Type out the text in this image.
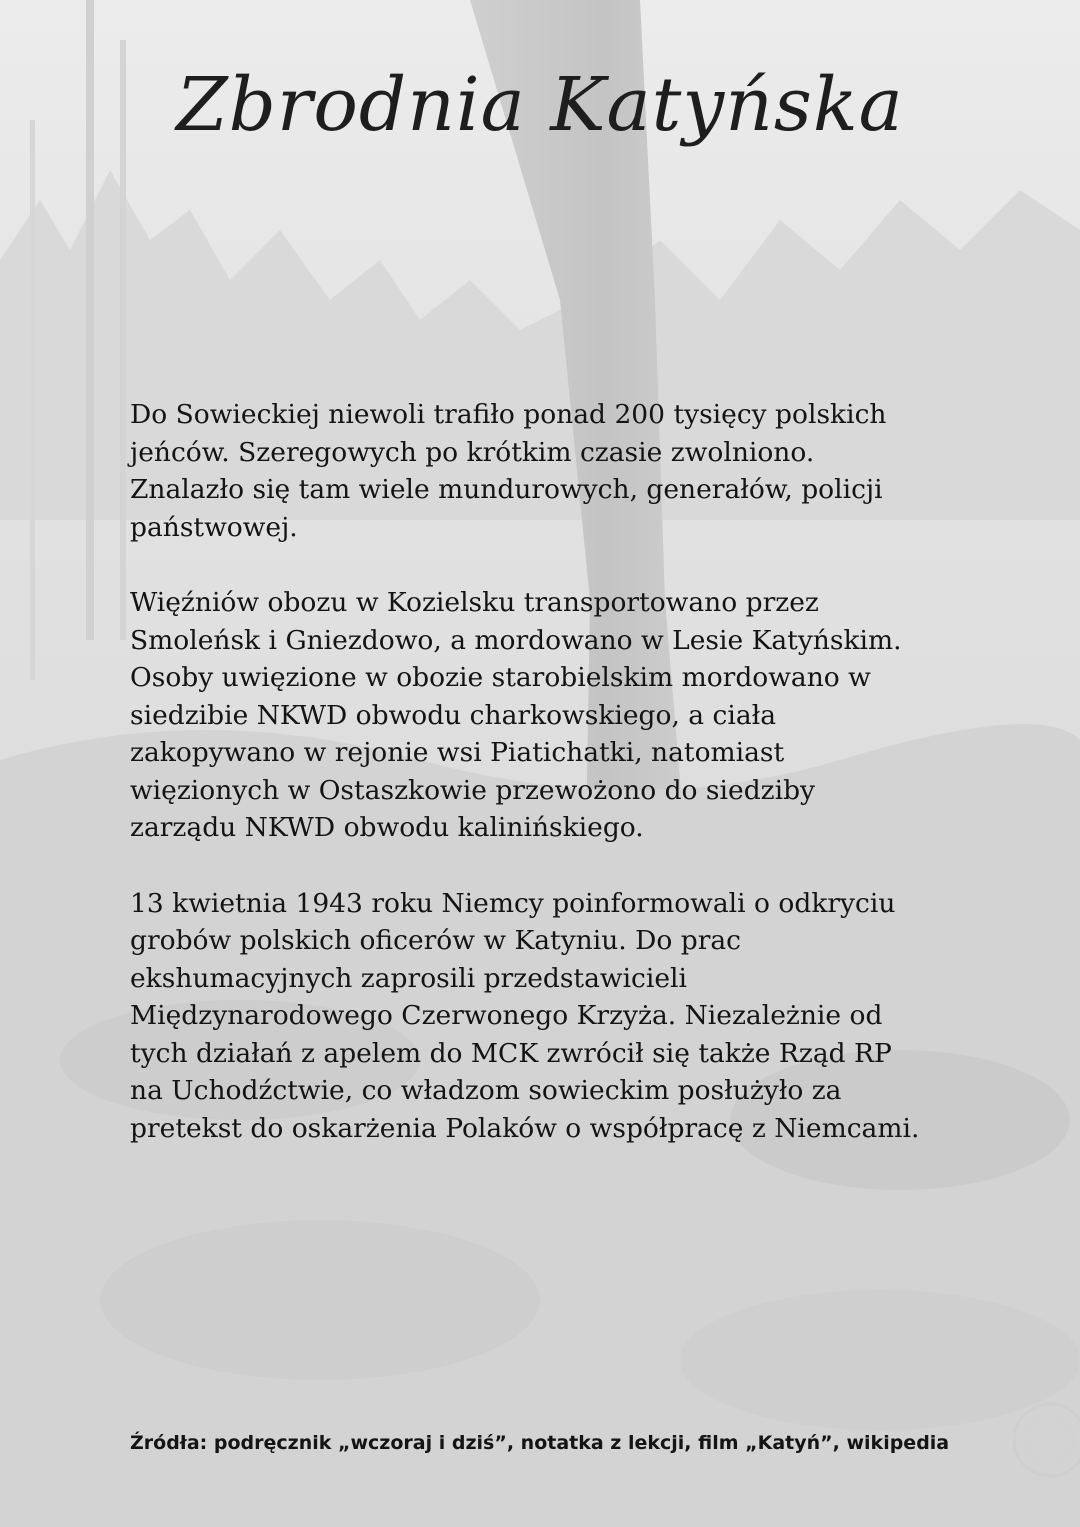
Zbrodnia Katyńska

Do Sowieckiej niewoli trafiło ponad 200 tysięcy polskich
jeńców. Szeregowych po krótkim czasie zwolniono.
Znalazło się tam wiele mundurowych, generałów, policji
państwowej.

Więźniów obozu w Kozielsku transportowano przez
Smoleńsk i Gniezdowo, a mordowano w Lesie Katyńskim.
Osoby uwięzione w obozie starobielskim mordowano w
siedzibie NKWD obwodu charkowskiego, a ciała
zakopywano w rejonie wsi Piatichatki, natomiast
więzionych w Ostaszkowie przewożono do siedziby
zarządu NKWD obwodu kalinińskiego.

13 kwietnia 1943 roku Niemcy poinformowali o odkryciu
grobów polskich oficerów w Katyniu. Do prac
ekshumacyjnych zaprosili przedstawicieli
Międzynarodowego Czerwonego Krzyża. Niezależnie od
tych działań z apelem do MCK zwrócił się także Rząd RP
na Uchodźctwie, co władzom sowieckim posłużyło za
pretekst do oskarżenia Polaków o współpracę z Niemcami.

Źródła: podręcznik „wczoraj i dziś”, notatka z lekcji, film „Katyń”, wikipedia
